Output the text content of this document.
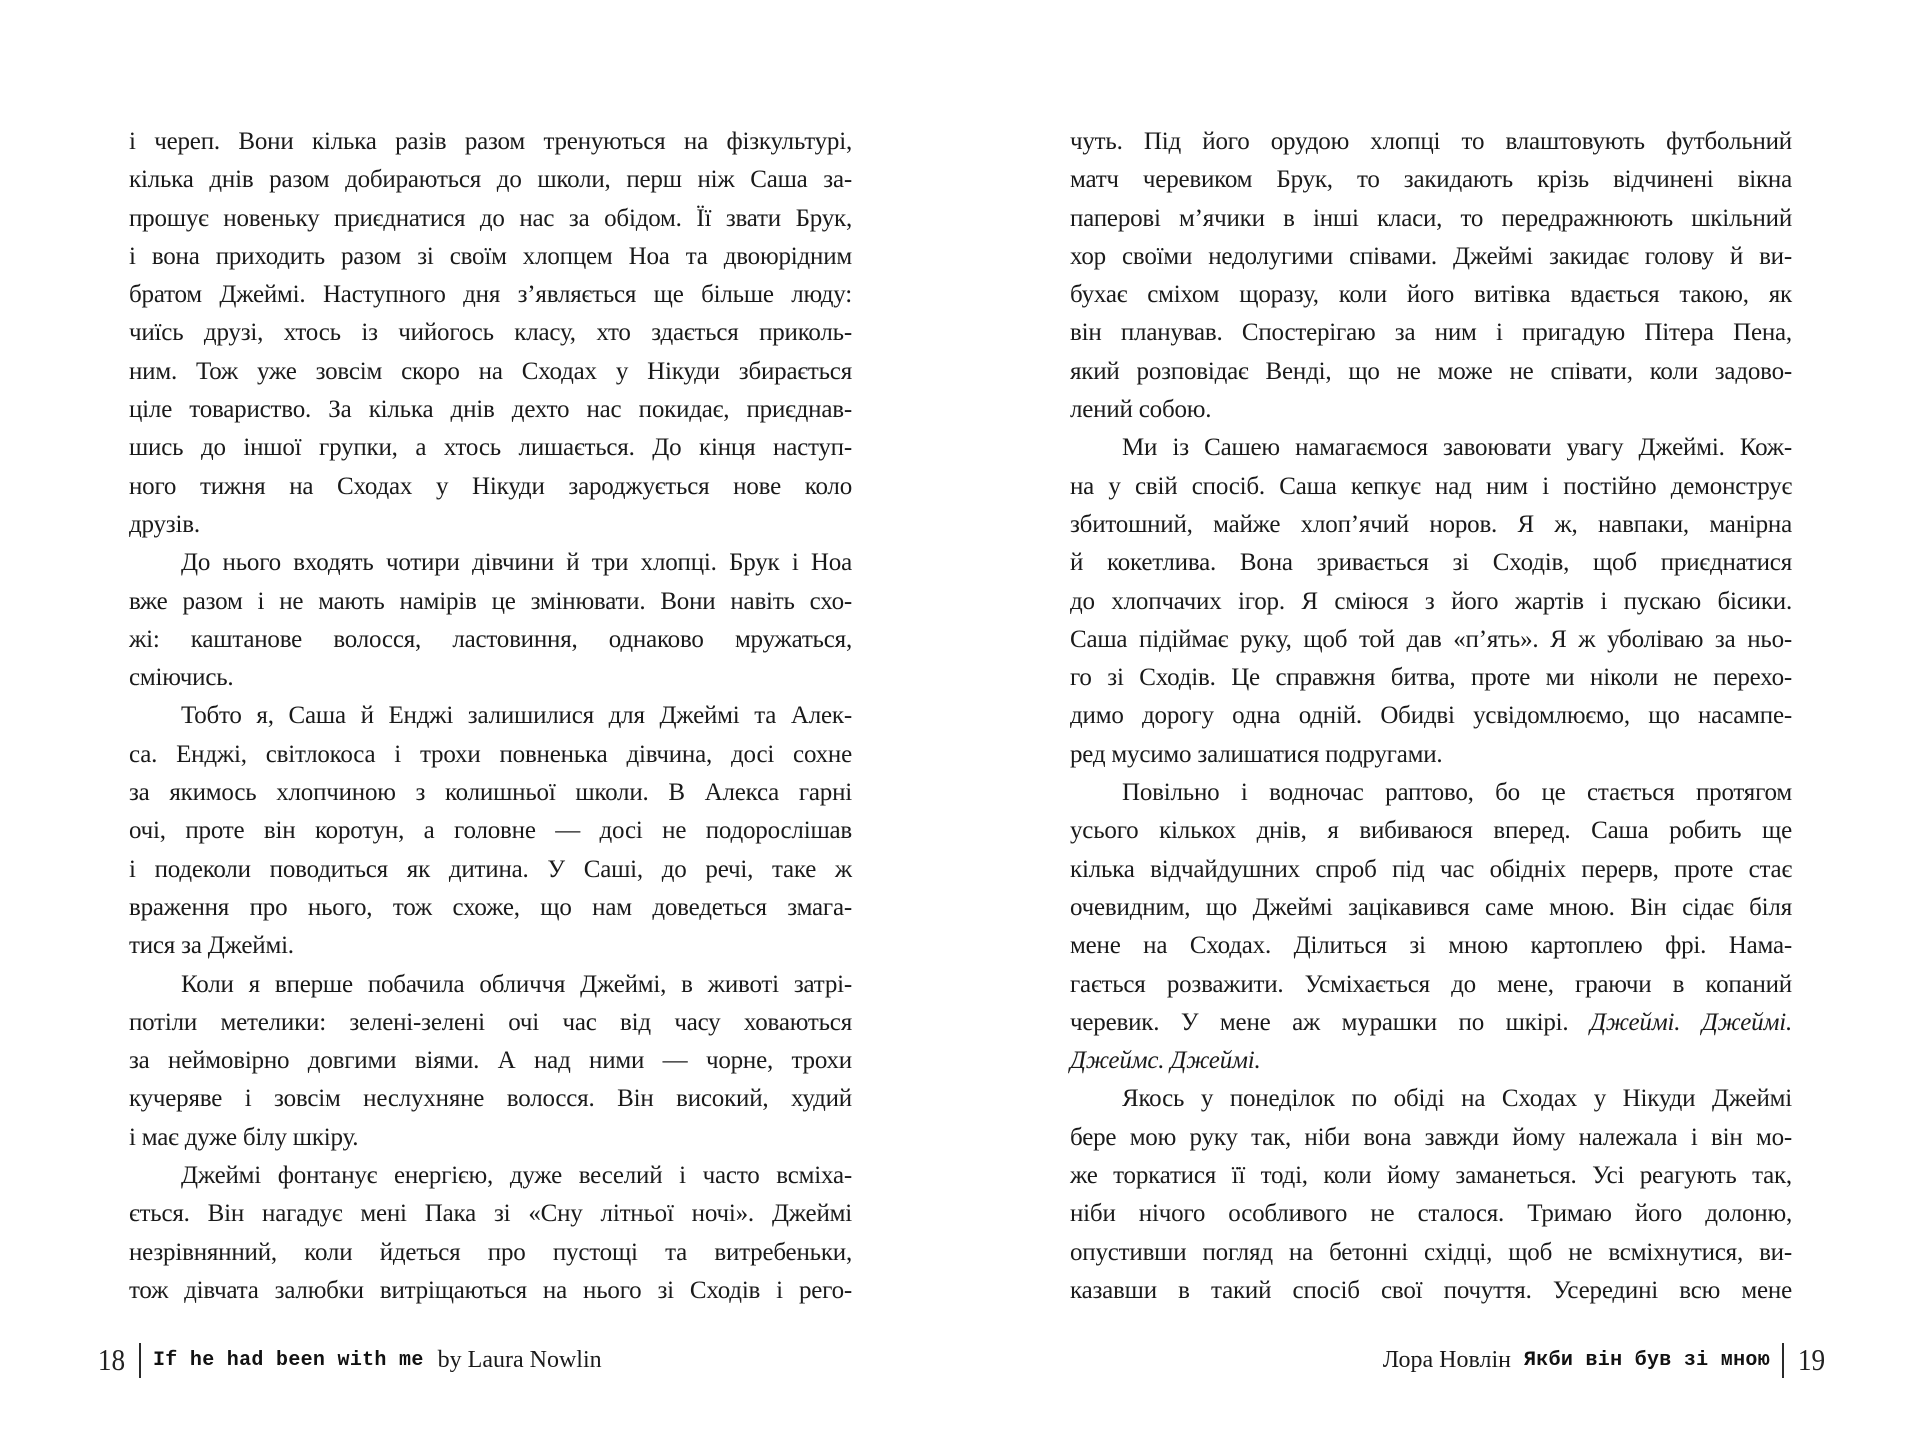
і череп. Вони кілька разів разом тренуються на фізкультурі,
кілька днів разом добираються до школи, перш ніж Саша за-
прошує новеньку приєднатися до нас за обідом. Її звати Брук,
і вона приходить разом зі своїм хлопцем Ноа та двоюрідним
братом Джеймі. Наступного дня з’являється ще більше люду:
чиїсь друзі, хтось із чийогось класу, хто здається приколь-
ним. Тож уже зовсім скоро на Сходах у Нікуди збирається
ціле товариство. За кілька днів дехто нас покидає, приєднав-
шись до іншої групки, а хтось лишається. До кінця наступ-
ного тижня на Сходах у Нікуди зароджується нове коло
друзів.
До нього входять чотири дівчини й три хлопці. Брук і Ноа
вже разом і не мають намірів це змінювати. Вони навіть схо-
жі: каштанове волосся, ластовиння, однаково мружаться,
сміючись.
Тобто я, Саша й Енджі залишилися для Джеймі та Алек-
са. Енджі, світлокоса і трохи повненька дівчина, досі сохне
за якимось хлопчиною з колишньої школи. В Алекса гарні
очі, проте він коротун, а головне — досі не подорослішав
і подеколи поводиться як дитина. У Саші, до речі, таке ж
враження про нього, тож схоже, що нам доведеться змага-
тися за Джеймі.
Коли я вперше побачила обличчя Джеймі, в животі затрі-
потіли метелики: зелені-зелені очі час від часу ховаються
за неймовірно довгими віями. А над ними — чорне, трохи
кучеряве і зовсім неслухняне волосся. Він високий, худий
і має дуже білу шкіру.
Джеймі фонтанує енергією, дуже веселий і часто всміха-
ється. Він нагадує мені Пака зі «Сну літньої ночі». Джеймі
незрівнянний, коли йдеться про пустощі та витребеньки,
тож дівчата залюбки витріщаються на нього зі Сходів і рего-
чуть. Під його орудою хлопці то влаштовують футбольний
матч черевиком Брук, то закидають крізь відчинені вікна
паперові м’ячики в інші класи, то передражнюють шкільний
хор своїми недолугими співами. Джеймі закидає голову й ви-
бухає сміхом щоразу, коли його витівка вдається такою, як
він планував. Спостерігаю за ним і пригадую Пітера Пена,
який розповідає Венді, що не може не співати, коли задово-
лений собою.
Ми із Сашею намагаємося завоювати увагу Джеймі. Кож-
на у свій спосіб. Саша кепкує над ним і постійно демонструє
збитошний, майже хлоп’ячий норов. Я ж, навпаки, манірна
й кокетлива. Вона зривається зі Сходів, щоб приєднатися
до хлопчачих ігор. Я сміюся з його жартів і пускаю бісики.
Саша підіймає руку, щоб той дав «п’ять». Я ж уболіваю за ньо-
го зі Сходів. Це справжня битва, проте ми ніколи не перехо-
димо дорогу одна одній. Обидві усвідомлюємо, що насампе-
ред мусимо залишатися подругами.
Повільно і водночас раптово, бо це стається протягом
усього кількох днів, я вибиваюся вперед. Саша робить ще
кілька відчайдушних спроб під час обідніх перерв, проте стає
очевидним, що Джеймі зацікавився саме мною. Він сідає біля
мене на Сходах. Ділиться зі мною картоплею фрі. Нама-
гається розважити. Усміхається до мене, граючи в копаний
черевик. У мене аж мурашки по шкірі. Джеймі. Джеймі.
Джеймс. Джеймі.
Якось у понеділок по обіді на Сходах у Нікуди Джеймі
бере мою руку так, ніби вона завжди йому належала і він мо-
же торкатися її тоді, коли йому заманеться. Усі реагують так,
ніби нічого особливого не сталося. Тримаю його долоню,
опустивши погляд на бетонні східці, щоб не всміхнутися, ви-
казавши в такий спосіб свої почуття. Усередині всю мене
18 If he had been with me by Laura Nowlin	Лора Новлін Якби він був зі мною 19
